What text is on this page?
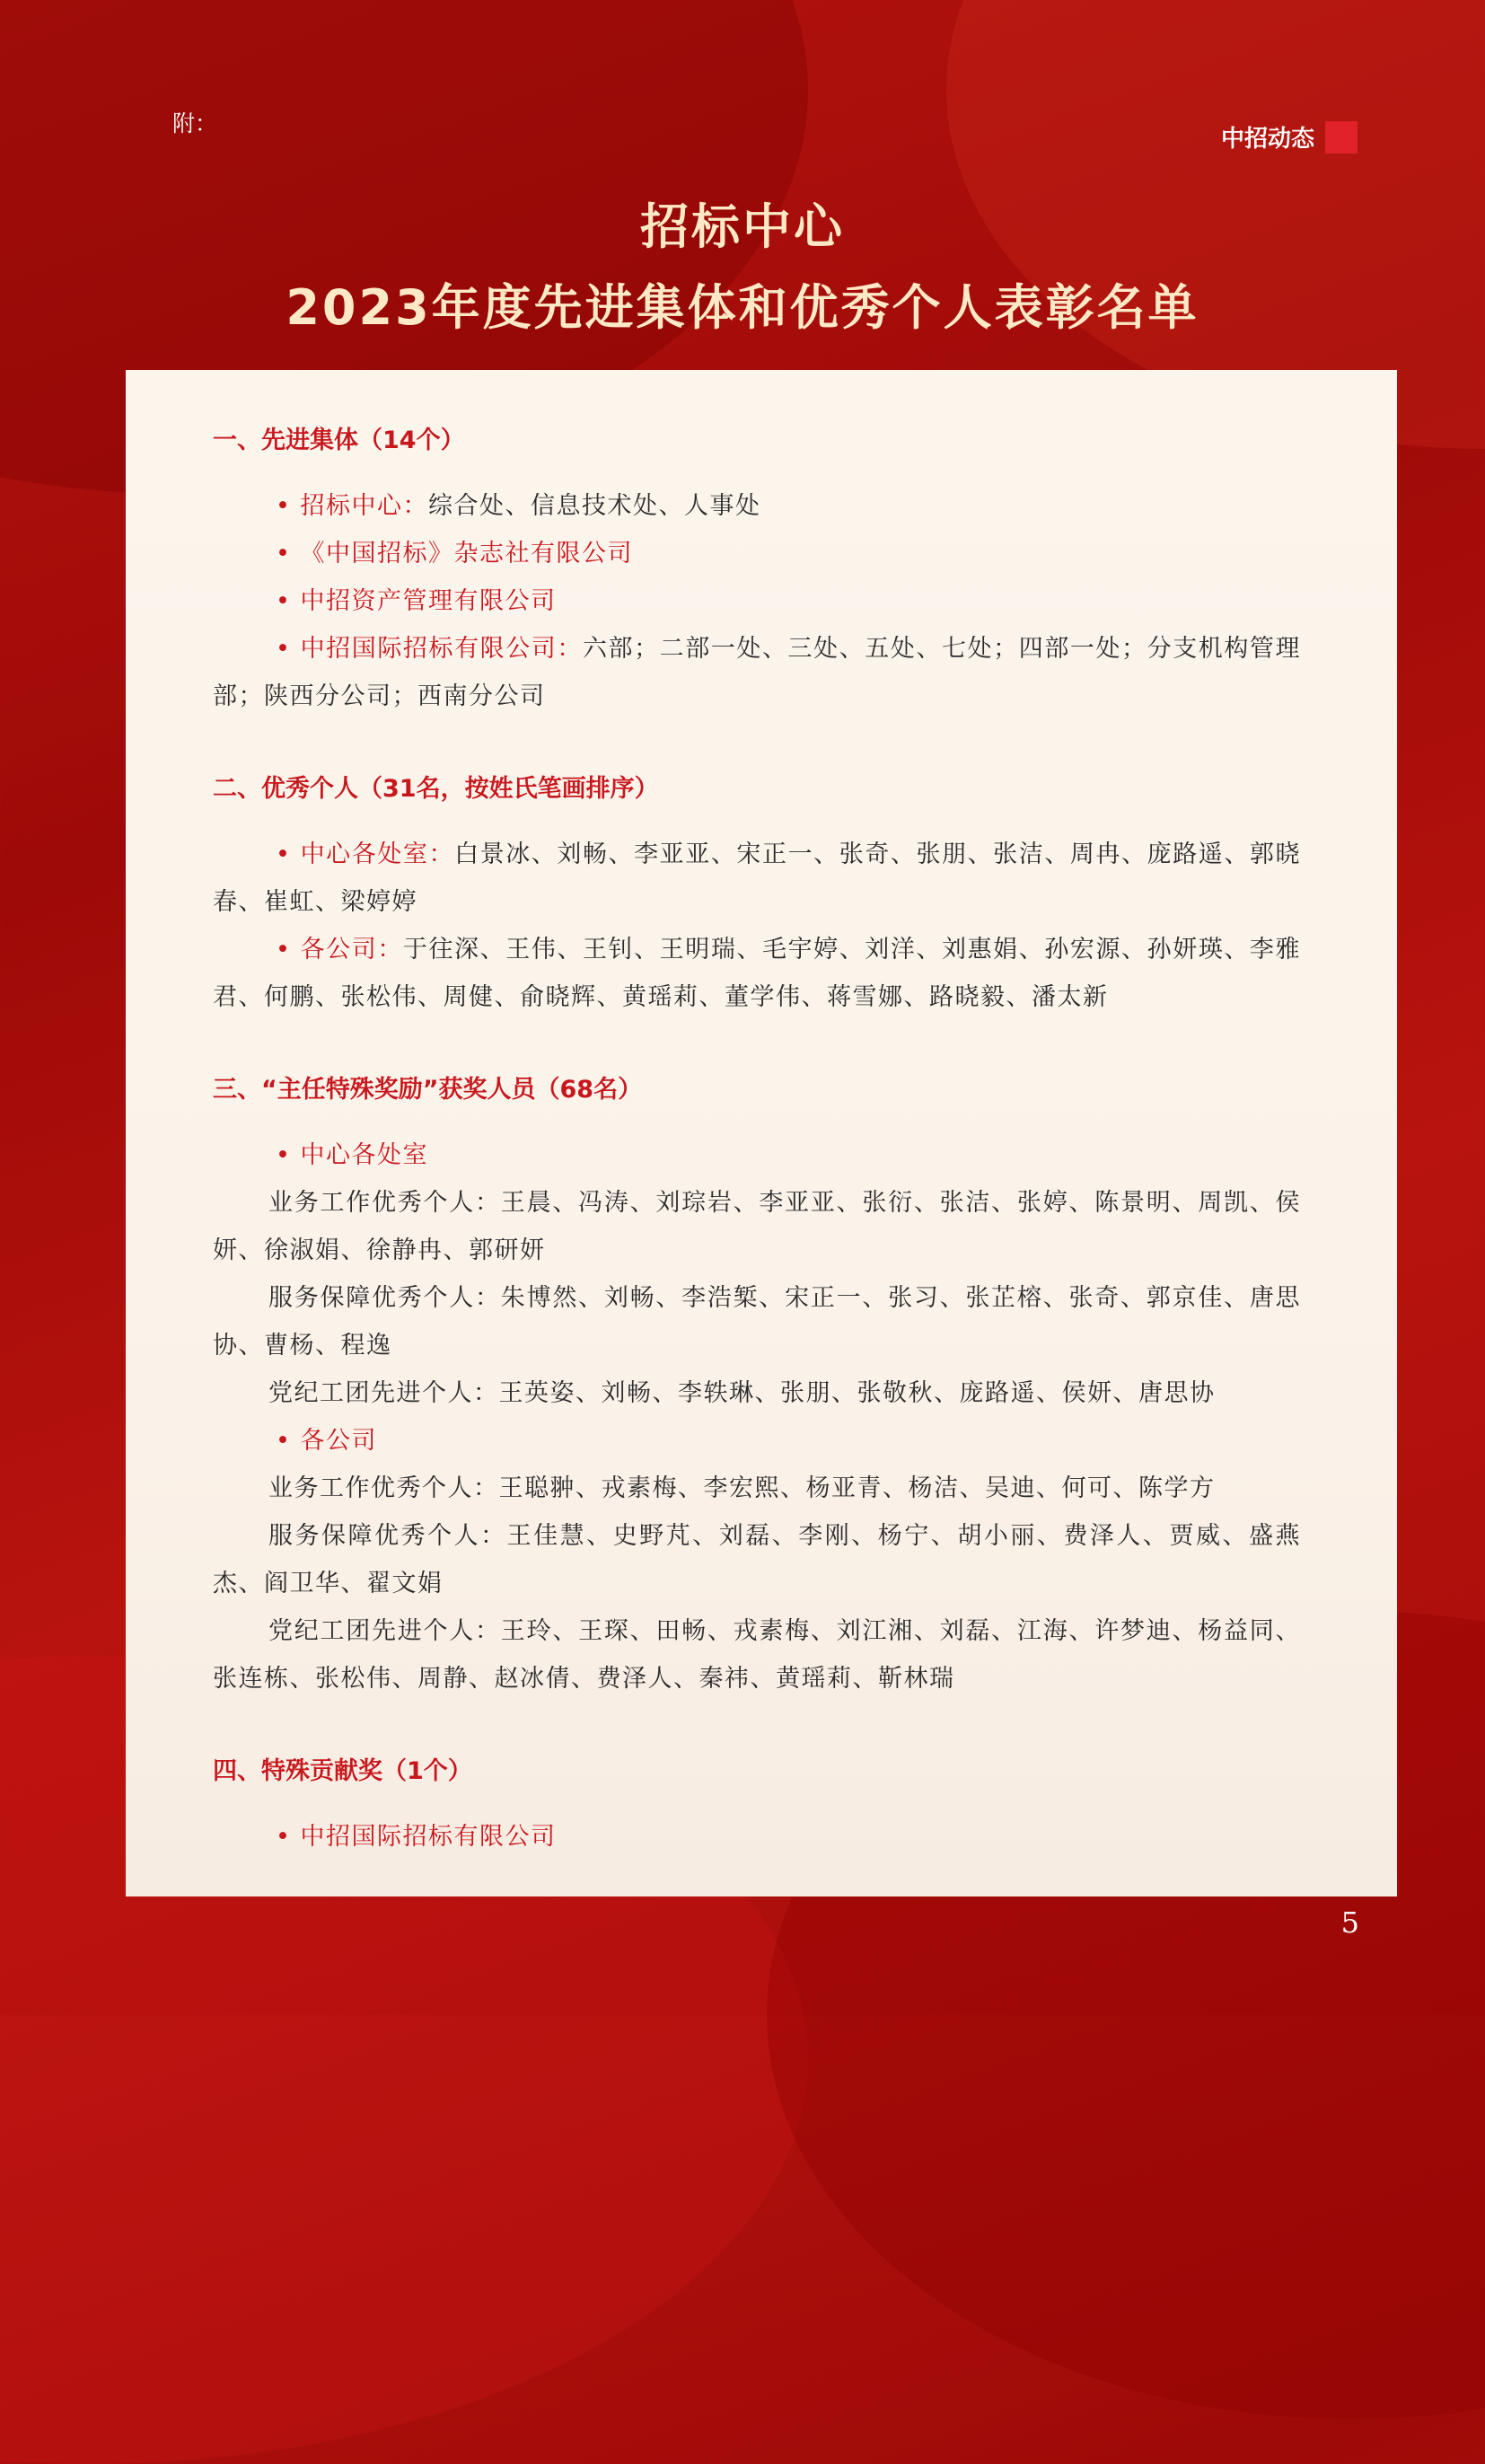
附：
中招动态
招标中心
2023年度先进集体和优秀个人表彰名单
一、先进集体（14个）
• 招标中心：综合处、信息技术处、人事处
• 《中国招标》杂志社有限公司
• 中招资产管理有限公司
• 中招国际招标有限公司：六部；二部一处、三处、五处、七处；四部一处；分支机构管理部；陕西分公司；西南分公司
二、优秀个人（31名，按姓氏笔画排序）
• 中心各处室：白景冰、刘畅、李亚亚、宋正一、张奇、张朋、张洁、周冉、庞路遥、郭晓春、崔虹、梁婷婷
• 各公司：于往深、王伟、王钊、王明瑞、毛宇婷、刘洋、刘惠娟、孙宏源、孙妍瑛、李雅君、何鹏、张松伟、周健、俞晓辉、黄瑶莉、董学伟、蒋雪娜、路晓毅、潘太新
三、“主任特殊奖励”获奖人员（68名）
• 中心各处室
业务工作优秀个人：王晨、冯涛、刘琮岩、李亚亚、张衍、张洁、张婷、陈景明、周凯、侯妍、徐淑娟、徐静冉、郭研妍
服务保障优秀个人：朱博然、刘畅、李浩椠、宋正一、张习、张芷榕、张奇、郭京佳、唐思协、曹杨、程逸
党纪工团先进个人：王英姿、刘畅、李轶琳、张朋、张敬秋、庞路遥、侯妍、唐思协
• 各公司
业务工作优秀个人：王聪翀、戎素梅、李宏熙、杨亚青、杨洁、吴迪、何可、陈学方
服务保障优秀个人：王佳慧、史野芃、刘磊、李刚、杨宁、胡小丽、费泽人、贾威、盛燕杰、阎卫华、翟文娟
党纪工团先进个人：王玲、王琛、田畅、戎素梅、刘江湘、刘磊、江海、许梦迪、杨益同、张连栋、张松伟、周静、赵冰倩、费泽人、秦祎、黄瑶莉、靳林瑞
四、特殊贡献奖（1个）
• 中招国际招标有限公司
5
